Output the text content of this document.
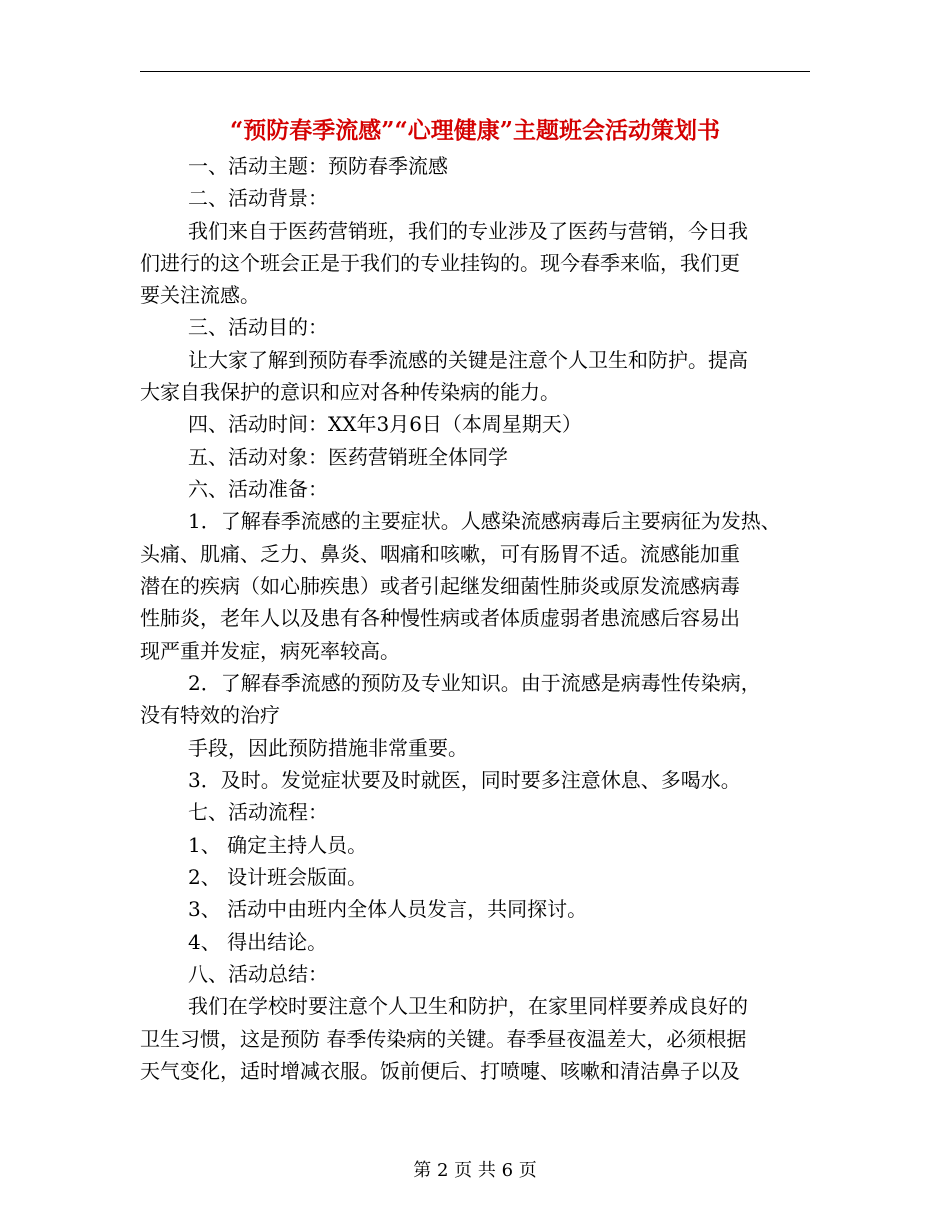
“预防春季流感”“心理健康”主题班会活动策划书
一、活动主题：预防春季流感
二、活动背景：
我们来自于医药营销班，我们的专业涉及了医药与营销，今日我
们进行的这个班会正是于我们的专业挂钩的。现今春季来临，我们更
要关注流感。
三、活动目的：
让大家了解到预防春季流感的关键是注意个人卫生和防护。提高
大家自我保护的意识和应对各种传染病的能力。
四、活动时间：XX年3月6日（本周星期天）
五、活动对象：医药营销班全体同学
六、活动准备：
1．了解春季流感的主要症状。人感染流感病毒后主要病征为发热、
头痛、肌痛、乏力、鼻炎、咽痛和咳嗽，可有肠胃不适。流感能加重
潜在的疾病（如心肺疾患）或者引起继发细菌性肺炎或原发流感病毒
性肺炎，老年人以及患有各种慢性病或者体质虚弱者患流感后容易出
现严重并发症，病死率较高。
2．了解春季流感的预防及专业知识。由于流感是病毒性传染病，
没有特效的治疗
手段，因此预防措施非常重要。
3．及时。发觉症状要及时就医，同时要多注意休息、多喝水。
七、活动流程：
1、 确定主持人员。
2、 设计班会版面。
3、 活动中由班内全体人员发言，共同探讨。
4、 得出结论。
八、活动总结：
我们在学校时要注意个人卫生和防护，在家里同样要养成良好的
卫生习惯，这是预防 春季传染病的关键。春季昼夜温差大，必须根据
天气变化，适时增减衣服。饭前便后、打喷嚏、咳嗽和清洁鼻子以及
第 2 页 共 6 页
